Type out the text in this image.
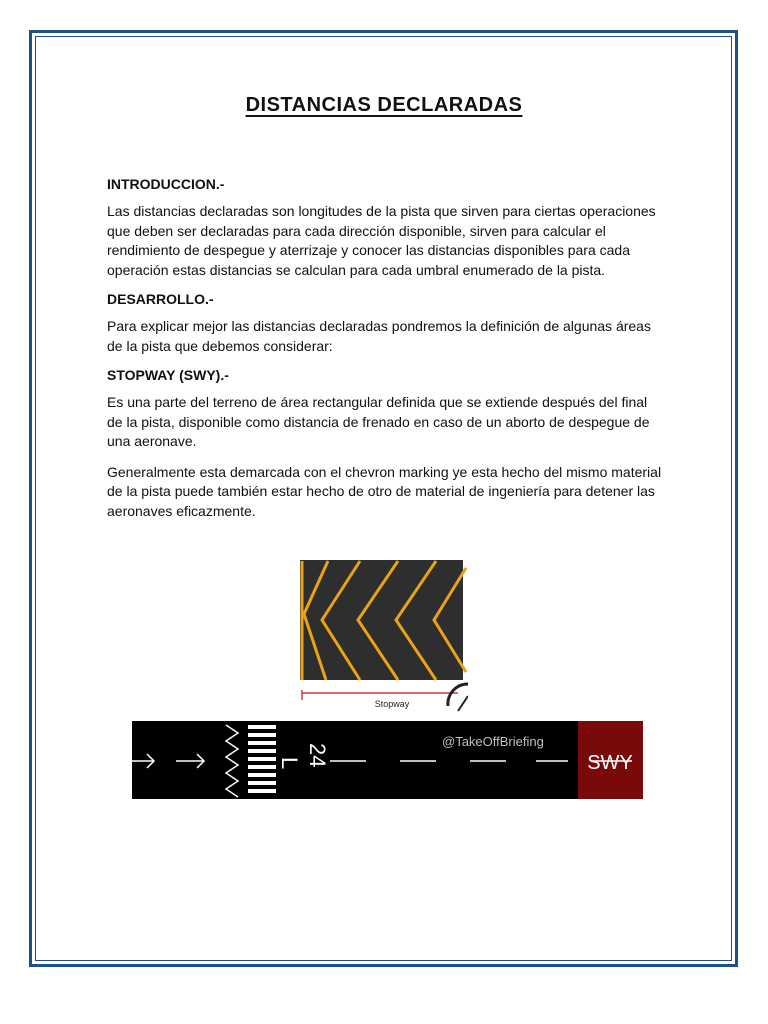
DISTANCIAS DECLARADAS
INTRODUCCION.-

Las distancias declaradas son longitudes de la pista que sirven para ciertas operaciones que deben ser declaradas para cada dirección disponible, sirven para calcular el rendimiento de despegue y aterrizaje y conocer las distancias disponibles para cada operación estas distancias se calculan para cada umbral enumerado de la pista.

DESARROLLO.-

Para explicar mejor las distancias declaradas pondremos la definición de algunas áreas de la pista que debemos considerar:

STOPWAY (SWY).-

Es una parte del terreno de área rectangular definida que se extiende después del final de la pista, disponible como distancia de frenado en caso de un aborto de despegue de una aeronave.

Generalmente esta demarcada con el chevron marking ye esta hecho del mismo material de la pista puede también estar hecho de otro de material de ingeniería para detener las aeronaves eficazmente.

Stopway
24
L
@TakeOffBriefing
SWY
